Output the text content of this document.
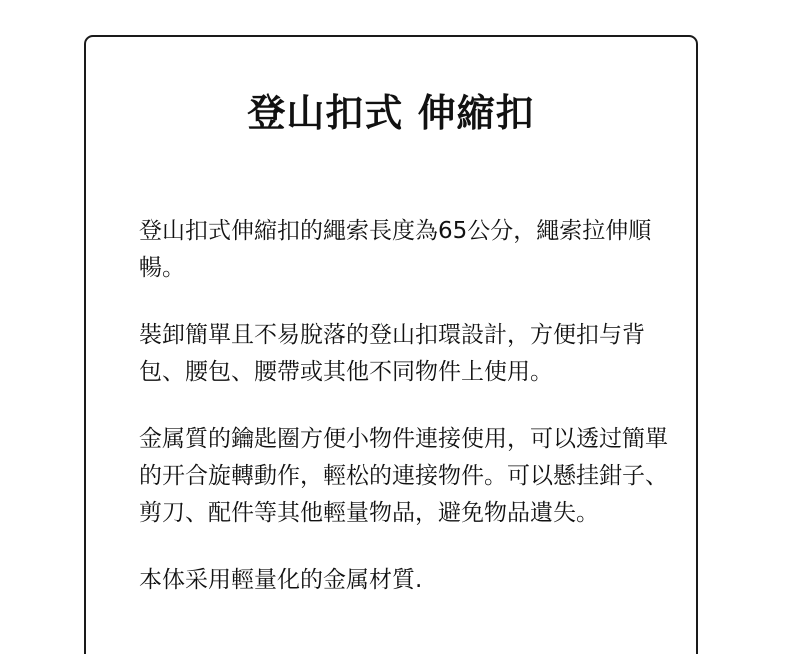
登山扣式 伸縮扣

登山扣式伸縮扣的繩索長度為65公分，繩索拉伸順暢。

裝卸簡單且不易脫落的登山扣環設計，方便扣与背包、腰包、腰帶或其他不同物件上使用。

金属質的鑰匙圈方便小物件連接使用，可以透过簡單的开合旋轉動作，輕松的連接物件。可以懸挂鉗子、剪刀、配件等其他輕量物品，避免物品遺失。

本体采用輕量化的金属材質.
